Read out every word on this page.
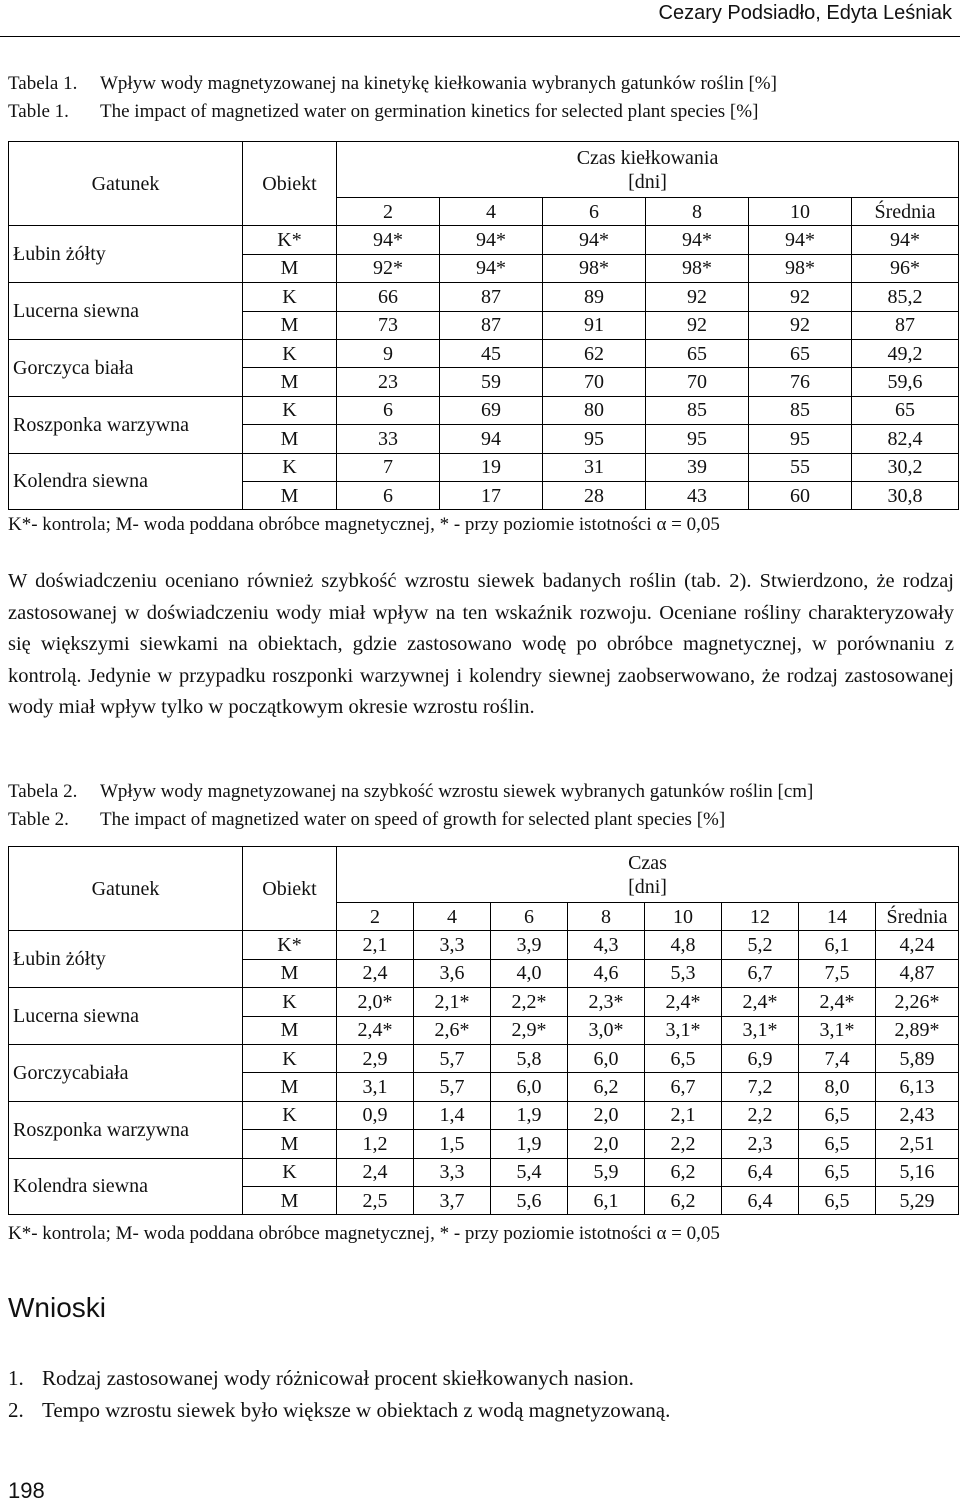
Cezary Podsiadło, Edyta Leśniak
Tabela 1. Wpływ wody magnetyzowanej na kinetykę kiełkowania wybranych gatunków roślin [%]
Table 1. The impact of magnetized water on germination kinetics for selected plant species [%]
Gatunek	Obiekt	Czas kiełkowania
[dni]					

		2	4	6	8	10	Średnia
Łubin żółty	K*	94*	94*	94*	94*	94*	94*
	M	92*	94*	98*	98*	98*	96*
Lucerna siewna	K	66	87	89	92	92	85,2
	M	73	87	91	92	92	87
Gorczyca biała	K	9	45	62	65	65	49,2
	M	23	59	70	70	76	59,6
Roszponka warzywna	K	6	69	80	85	85	65
	M	33	94	95	95	95	82,4
Kolendra siewna	K	7	19	31	39	55	30,2
	M	6	17	28	43	60	30,8
K*- kontrola; M- woda poddana obróbce magnetycznej, * - przy poziomie istotności α = 0,05

W doświadczeniu oceniano również szybkość wzrostu siewek badanych roślin (tab. 2). Stwierdzono, że rodzaj zastosowanej w doświadczeniu wody miał wpływ na ten wskaźnik rozwoju. Oceniane rośliny charakteryzowały się większymi siewkami na obiektach, gdzie zastosowano wodę po obróbce magnetycznej, w porównaniu z kontrolą. Jedynie w przypadku roszponki warzywnej i kolendry siewnej zaobserwowano, że rodzaj zastosowanej wody miał wpływ tylko w początkowym okresie wzrostu roślin.

Tabela 2. Wpływ wody magnetyzowanej na szybkość wzrostu siewek wybranych gatunków roślin [cm]
Table 2. The impact of magnetized water on speed of growth for selected plant species [%]
Gatunek	Obiekt	Czas
[dni]							

		2	4	6	8	10	12	14	Średnia
Łubin żółty	K*	2,1	3,3	3,9	4,3	4,8	5,2	6,1	4,24
	M	2,4	3,6	4,0	4,6	5,3	6,7	7,5	4,87
Lucerna siewna	K	2,0*	2,1*	2,2*	2,3*	2,4*	2,4*	2,4*	2,26*
	M	2,4*	2,6*	2,9*	3,0*	3,1*	3,1*	3,1*	2,89*
Gorczycabiała	K	2,9	5,7	5,8	6,0	6,5	6,9	7,4	5,89
	M	3,1	5,7	6,0	6,2	6,7	7,2	8,0	6,13
Roszponka warzywna	K	0,9	1,4	1,9	2,0	2,1	2,2	6,5	2,43
	M	1,2	1,5	1,9	2,0	2,2	2,3	6,5	2,51
Kolendra siewna	K	2,4	3,3	5,4	5,9	6,2	6,4	6,5	5,16
	M	2,5	3,7	5,6	6,1	6,2	6,4	6,5	5,29
K*- kontrola; M- woda poddana obróbce magnetycznej, * - przy poziomie istotności α = 0,05
Wnioski
1. Rodzaj zastosowanej wody różnicował procent skiełkowanych nasion.
2. Tempo wzrostu siewek było większe w obiektach z wodą magnetyzowaną.
198
